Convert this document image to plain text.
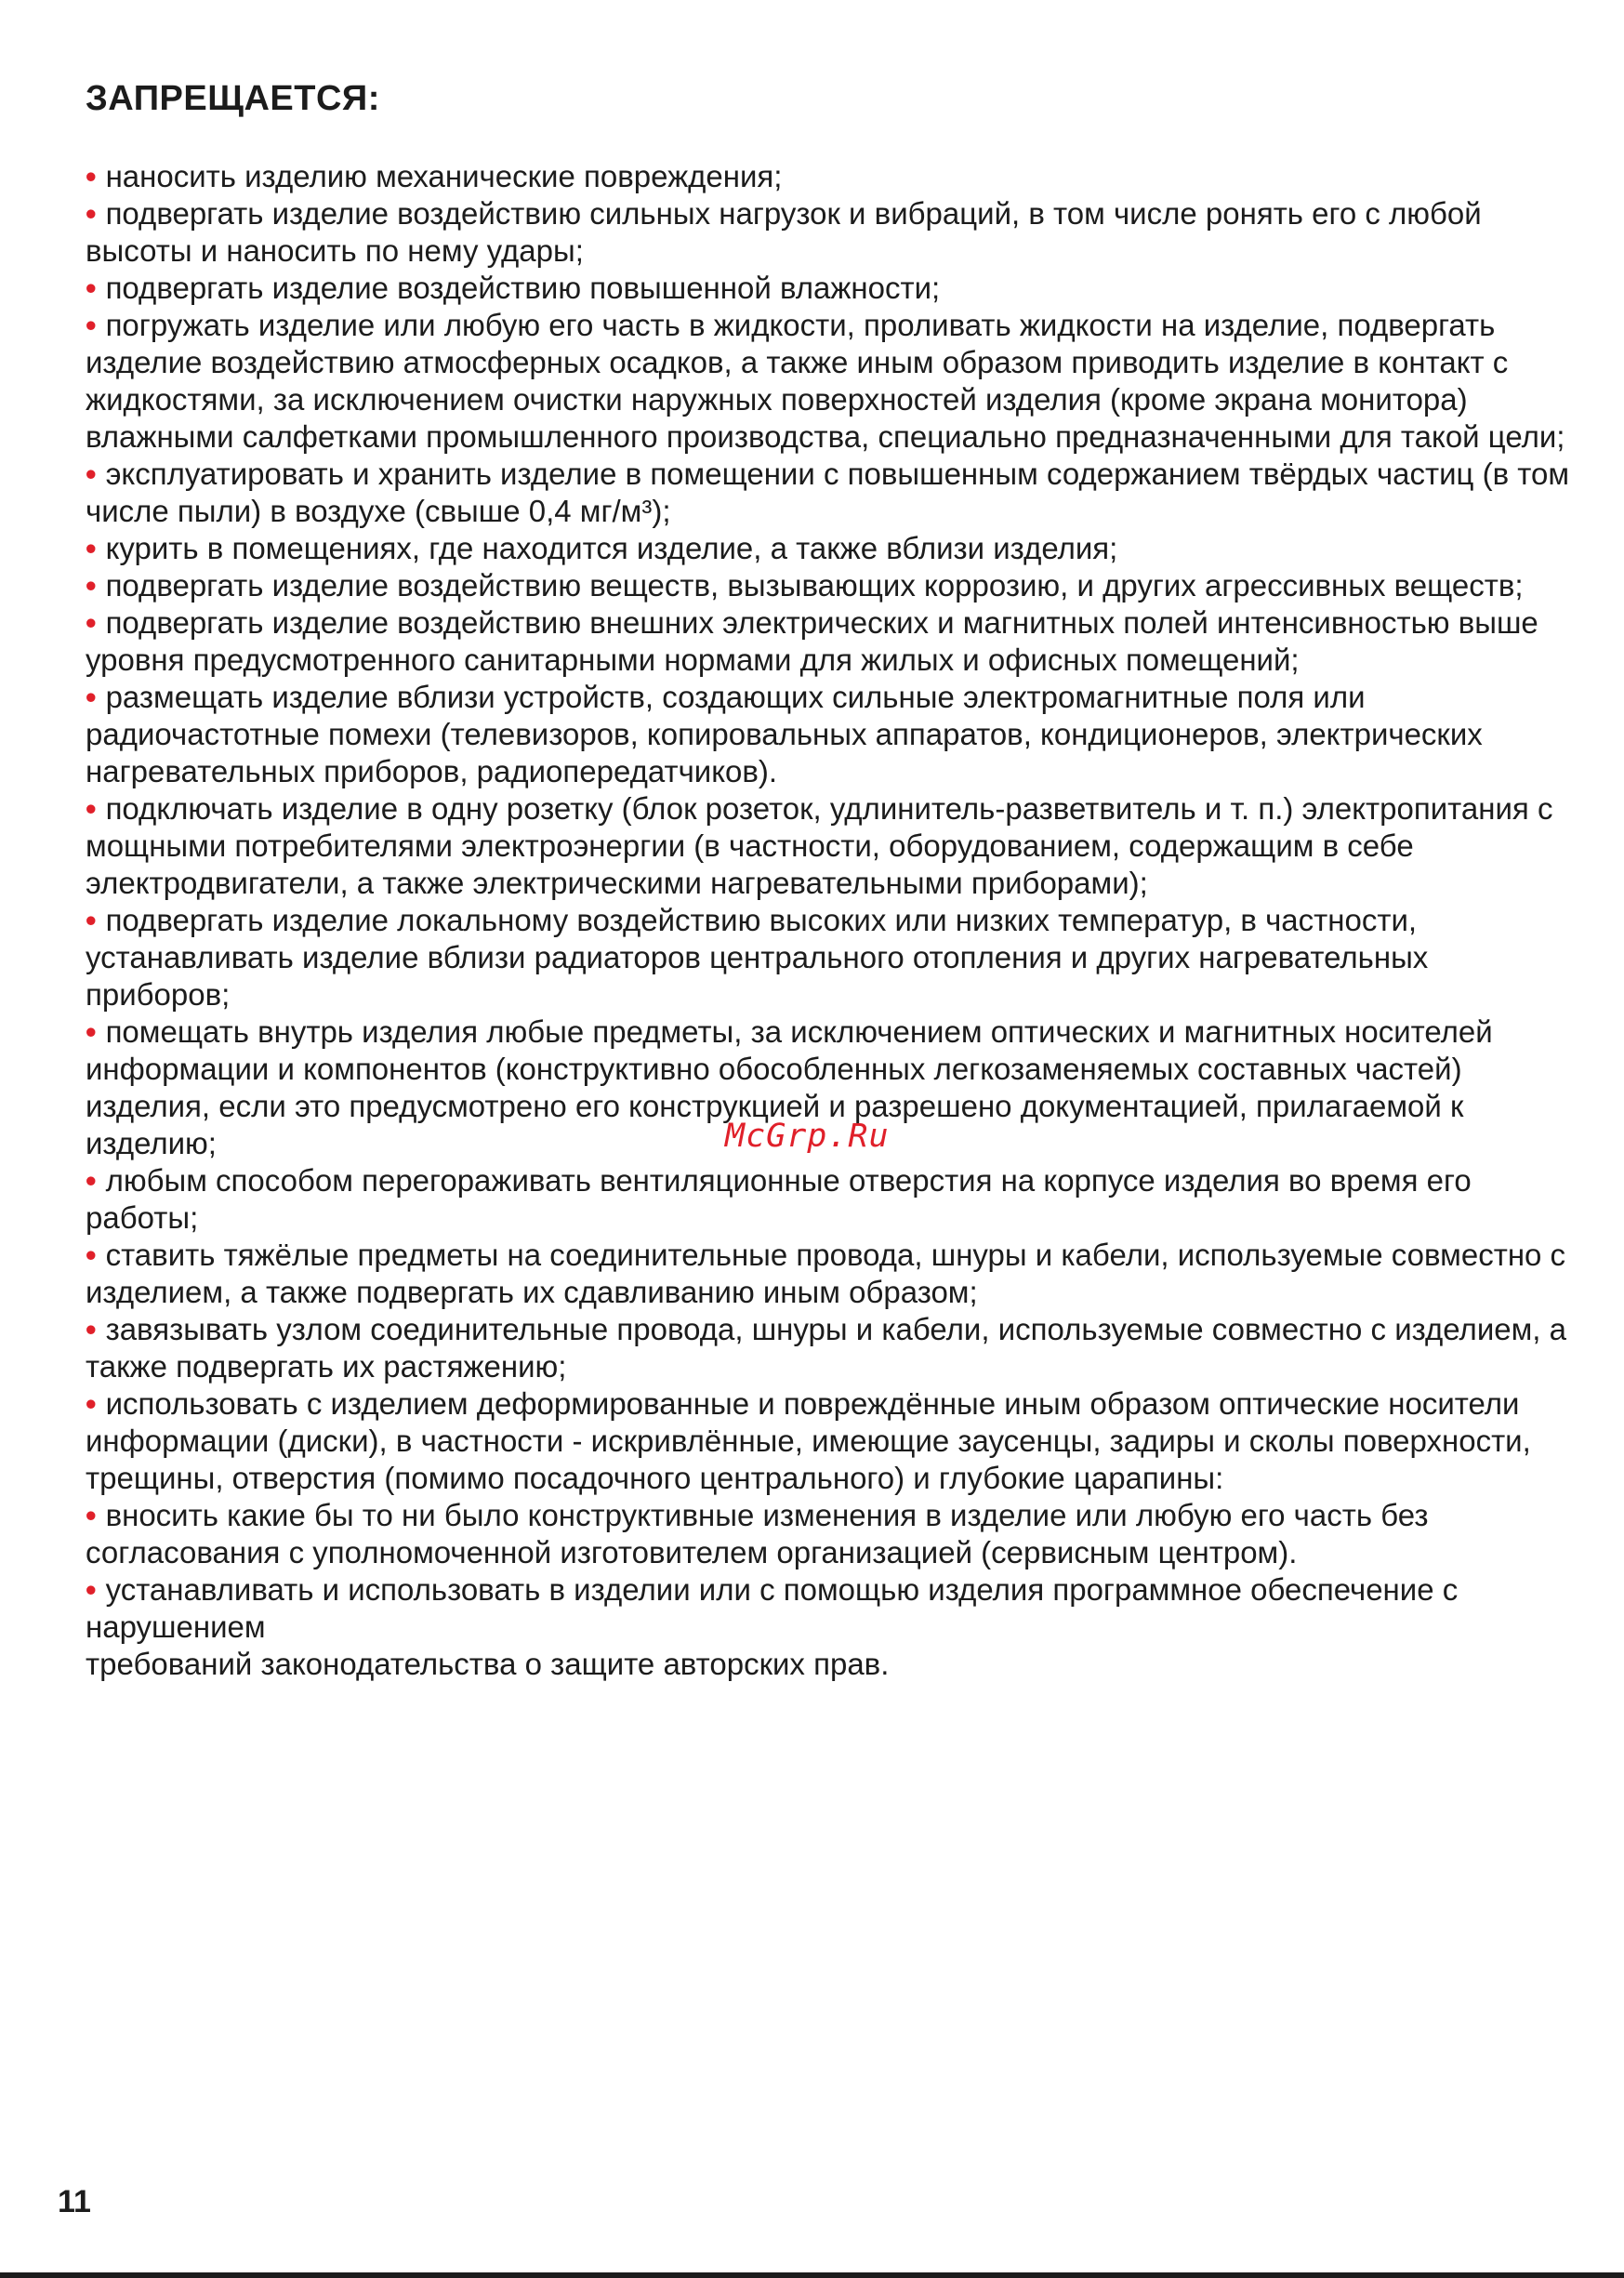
ЗАПРЕЩАЕТСЯ:
• наносить изделию механические повреждения;
• подвергать изделие воздействию сильных нагрузок и вибраций, в том числе ронять его с любой высоты и наносить по нему удары;
• подвергать изделие воздействию повышенной влажности;
• погружать изделие или любую его часть в жидкости, проливать жидкости на изделие, подвергать изделие воздействию атмосферных осадков, а также иным образом приводить изделие в контакт с жидкостями, за исключением очистки наружных поверхностей изделия (кроме экрана монитора) влажными салфетками промышленного производства, специально предназначенными для такой цели;
• эксплуатировать и хранить изделие в помещении с повышенным содержанием твёрдых частиц (в том числе пыли) в воздухе (свыше 0,4 мг/м³);
• курить в помещениях, где находится изделие, а также вблизи изделия;
• подвергать изделие воздействию веществ, вызывающих коррозию, и других агрессивных веществ;
• подвергать изделие воздействию внешних электрических и магнитных полей интенсивностью выше уровня предусмотренного санитарными нормами для жилых и офисных помещений;
• размещать изделие вблизи устройств, создающих сильные электромагнитные поля или радиочастотные помехи (телевизоров, копировальных аппаратов, кондиционеров, электрических нагревательных приборов, радиопередатчиков).
• подключать изделие в одну розетку (блок розеток, удлинитель-разветвитель и т. п.) электропитания с мощными потребителями электроэнергии (в частности, оборудованием, содержащим в себе электродвигатели, а также электрическими нагревательными приборами);
• подвергать изделие локальному воздействию высоких или низких температур, в частности, устанавливать изделие вблизи радиаторов центрального отопления и других нагревательных приборов;
• помещать внутрь изделия любые предметы, за исключением оптических и магнитных носителей информации и компонентов (конструктивно обособленных легкозаменяемых составных частей) изделия, если это предусмотрено его конструкцией и разрешено документацией, прилагаемой к изделию;
• любым способом перегораживать вентиляционные отверстия на корпусе изделия во время его работы;
• ставить тяжёлые предметы на соединительные провода, шнуры и кабели, используемые совместно с изделием, а также подвергать их сдавливанию иным образом;
• завязывать узлом соединительные провода, шнуры и кабели, используемые совместно с изделием, а также подвергать их растяжению;
• использовать с изделием деформированные и повреждённые иным образом оптические носители информации (диски), в частности - искривлённые, имеющие заусенцы, задиры и сколы поверхности, трещины, отверстия (помимо посадочного центрального) и глубокие царапины:
• вносить какие бы то ни было конструктивные изменения в изделие или любую его часть без согласования с уполномоченной изготовителем организацией (сервисным центром).
• устанавливать и использовать в изделии или с помощью изделия программное обеспечение с нарушением

требований законодательства о защите авторских прав.

McGrp.Ru
11
